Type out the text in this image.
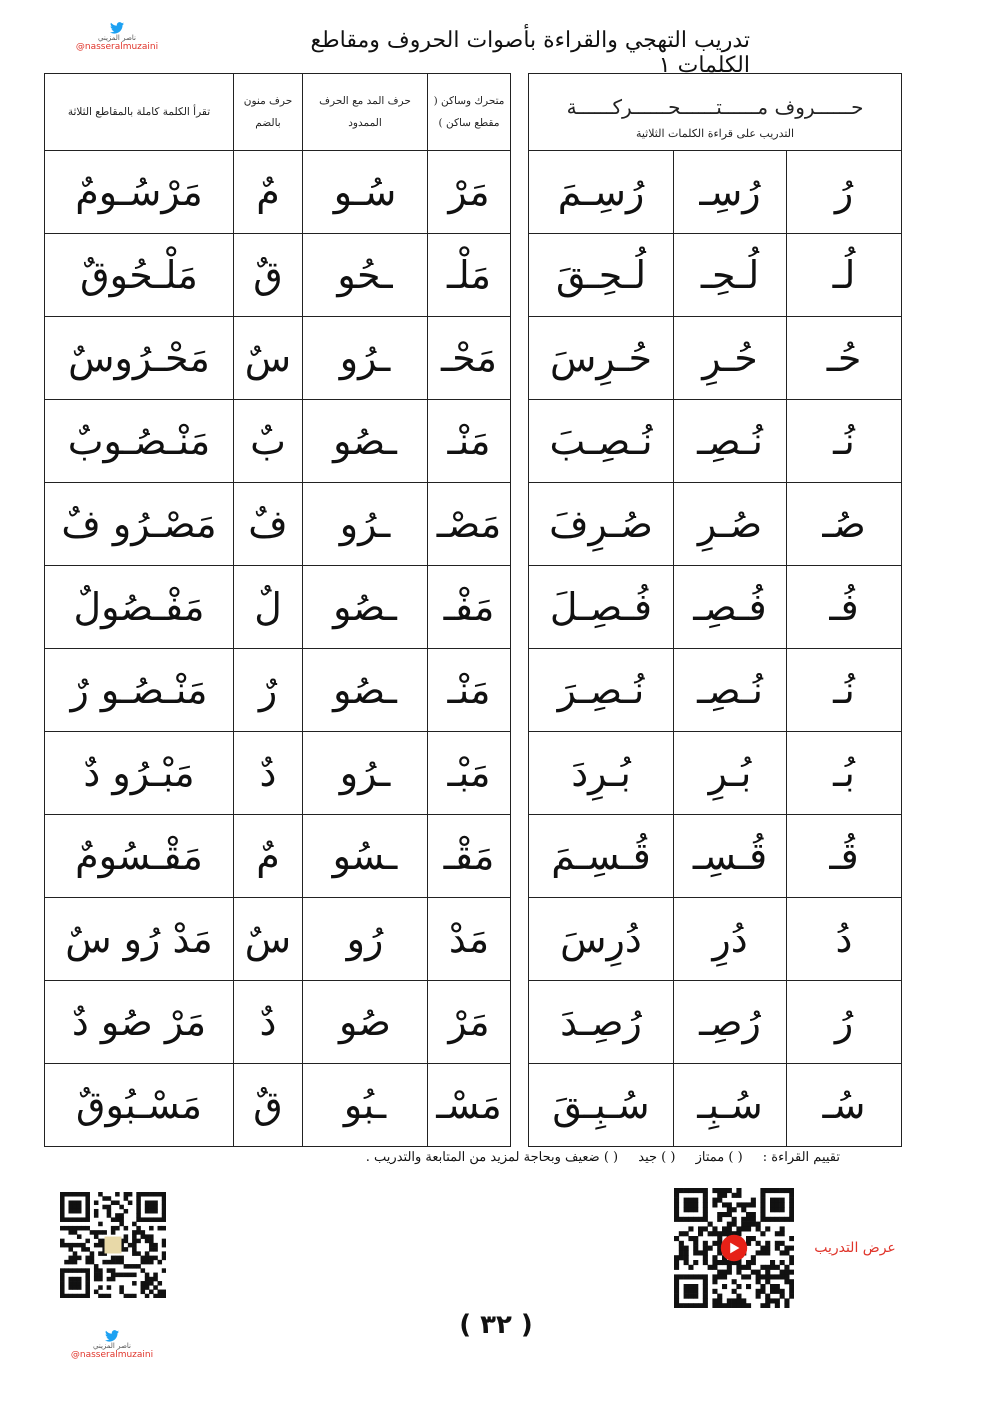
تدريب التهجي والقراءة بأصوات الحروف ومقاطع الكلمات ١
ناصر المزيني
@nasseralmuzaini
حــــــروف مــــــتــــــحــــــركــــــة
التدريب على قراءة الكلمات الثلاثية		

رُسِـمَ	رُسِـ	رُ
لُـحِـقَ	لُـحِـ	لُـ
حُـرِسَ	حُـرِ	حُـ
نُـصِـبَ	نُـصِـ	نُـ
صُـرِفَ	صُـرِ	صُـ
فُـصِـلَ	فُـصِـ	فُـ
نُـصِـرَ	نُـصِـ	نُـ
بُـرِدَ	بُـرِ	بُـ
قُـسِـمَ	قُـسِـ	قُـ
دُرِسَ	دُرِ	دُ
رُصِـدَ	رُصِـ	رُ
سُـبِـقَ	سُـبِـ	سُـ
تقرأ الكلمة كاملة بالمقاطع الثلاثة	حرف منون بالضم	حرف المد مع الحرف الممدود	متحرك وساكن ( مقطع ساكن )
مَرْسُـومٌ	مٌ	سُـو	مَرْ
مَلْـحُوقٌ	قٌ	ـحُو	مَلْـ
مَحْـرُوسٌ	سٌ	ـرُو	مَحْـ
مَنْـصُـوبٌ	بٌ	ـصُو	مَنْـ
مَصْـرُو فٌ	فٌ	ـرُو	مَصْـ
مَفْـصُولٌ	لٌ	ـصُو	مَفْـ
مَنْـصُـو رٌ	رٌ	ـصُو	مَنْـ
مَبْـرُو دٌ	دٌ	ـرُو	مَبْـ
مَقْـسُومٌ	مٌ	ـسُو	مَقْـ
مَدْ رُو سٌ	سٌ	رُو	مَدْ
مَرْ صُو دٌ	دٌ	صُو	مَرْ
مَسْـبُوقٌ	قٌ	ـبُو	مَسْـ
تقييم القراءة : ( ) ممتاز ( ) جيد ( ) ضعيف وبحاجة لمزيد من المتابعة والتدريب .
عرض التدريب
( ٣٢ )
ناصر المزيني
@nasseralmuzaini
